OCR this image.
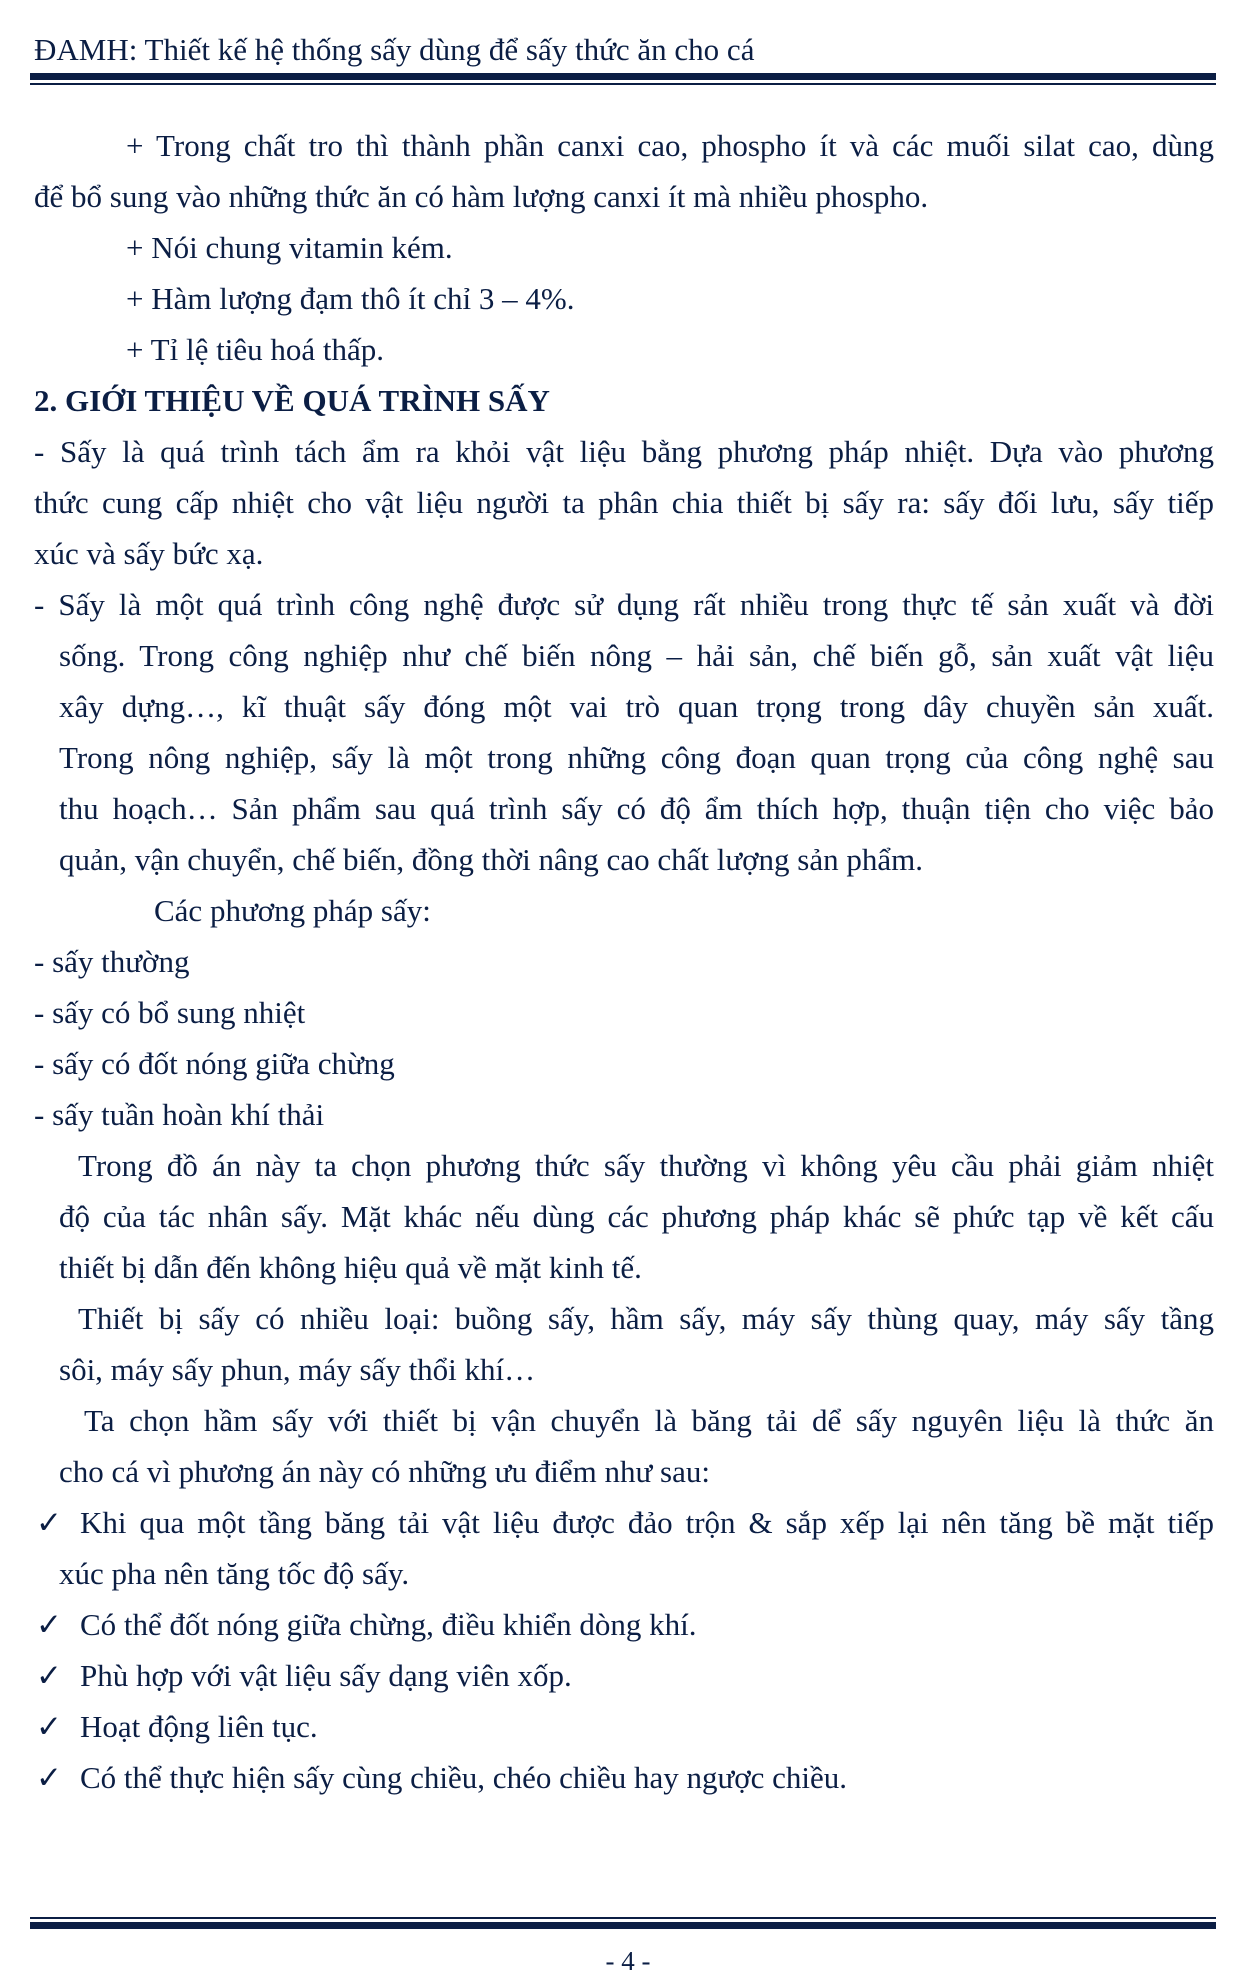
ĐAMH: Thiết kế hệ thống sấy dùng để sấy thức ăn cho cá
+ Trong chất tro thì thành phần canxi cao, phospho ít và các muối silat cao, dùng
để bổ sung vào những thức ăn có hàm lượng canxi ít mà nhiều phospho.
+ Nói chung vitamin kém.
+ Hàm lượng đạm thô ít chỉ 3 – 4%.
+ Tỉ lệ tiêu hoá thấp.
2. GIỚI THIỆU VỀ QUÁ TRÌNH SẤY
- Sấy là quá trình tách ẩm ra khỏi vật liệu bằng phương pháp nhiệt. Dựa vào phương
thức cung cấp nhiệt cho vật liệu người ta phân chia thiết bị sấy ra: sấy đối lưu, sấy tiếp
xúc và sấy bức xạ.
- Sấy là một quá trình công nghệ được sử dụng rất nhiều trong thực tế sản xuất và đời
sống. Trong công nghiệp như chế biến nông – hải sản, chế biến gỗ, sản xuất vật liệu
xây dựng…, kĩ thuật sấy đóng một vai trò quan trọng trong dây chuyền sản xuất.
Trong nông nghiệp, sấy là một trong những công đoạn quan trọng của công nghệ sau
thu hoạch… Sản phẩm sau quá trình sấy có độ ẩm thích hợp, thuận tiện cho việc bảo
quản, vận chuyển, chế biến, đồng thời nâng cao chất lượng sản phẩm.
Các phương pháp sấy:
- sấy thường
- sấy có bổ sung nhiệt
- sấy có đốt nóng giữa chừng
- sấy tuần hoàn khí thải
Trong đồ án này ta chọn phương thức sấy thường vì không yêu cầu phải giảm nhiệt
độ của tác nhân sấy. Mặt khác nếu dùng các phương pháp khác sẽ phức tạp về kết cấu
thiết bị dẫn đến không hiệu quả về mặt kinh tế.
Thiết bị sấy có nhiều loại: buồng sấy, hầm sấy, máy sấy thùng quay, máy sấy tầng
sôi, máy sấy phun, máy sấy thổi khí…
Ta chọn hầm sấy với thiết bị vận chuyển là băng tải dể sấy nguyên liệu là thức ăn
cho cá vì phương án này có những ưu điểm như sau:
✓ Khi qua một tầng băng tải vật liệu được đảo trộn & sắp xếp lại nên tăng bề mặt tiếp
xúc pha nên tăng tốc độ sấy.
✓ Có thể đốt nóng giữa chừng, điều khiển dòng khí.
✓ Phù hợp với vật liệu sấy dạng viên xốp.
✓ Hoạt động liên tục.
✓ Có thể thực hiện sấy cùng chiều, chéo chiều hay ngược chiều.
- 4 -
